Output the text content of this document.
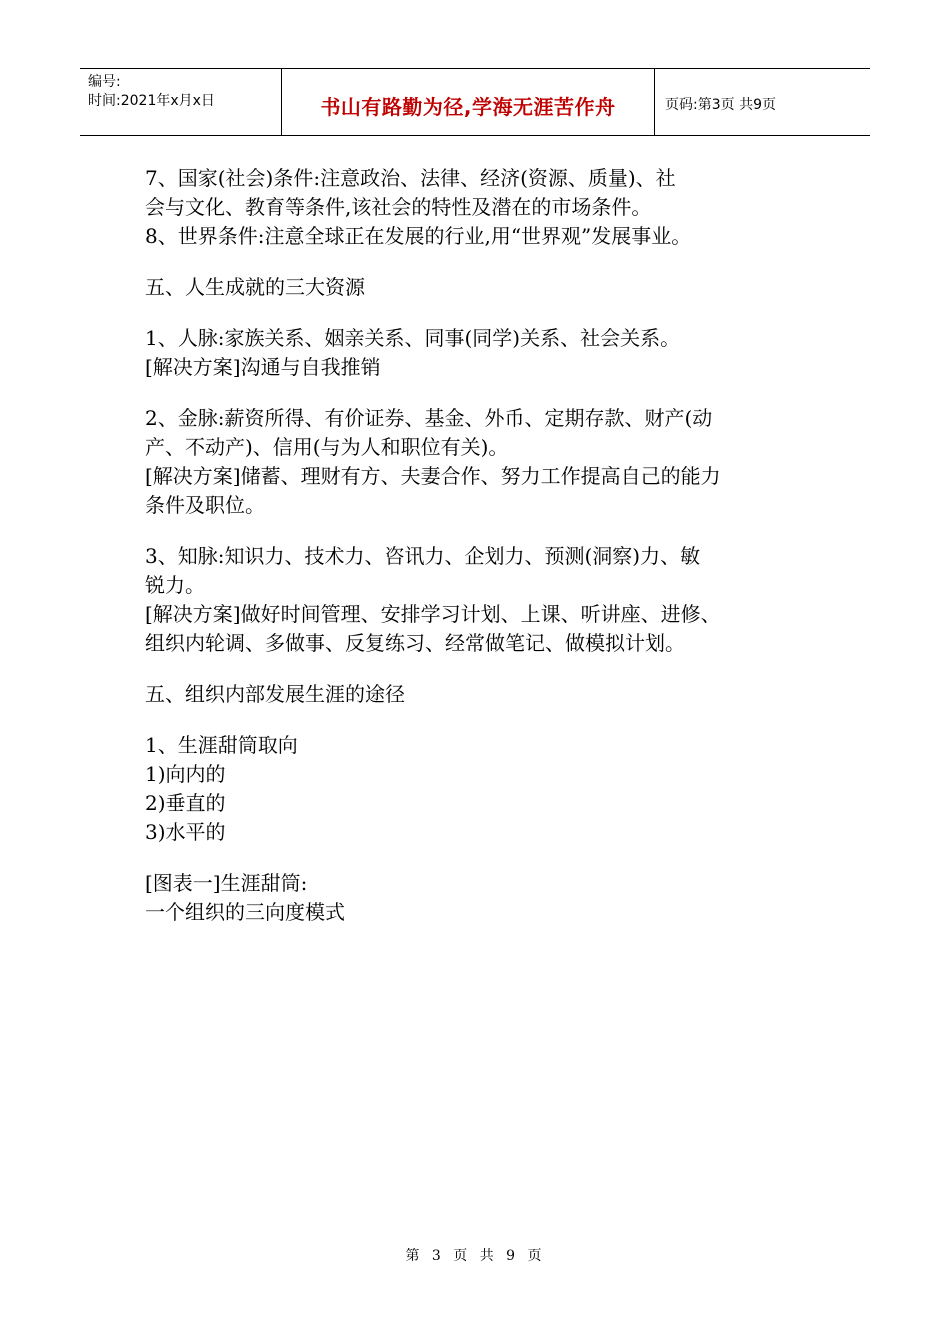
编号:
时间:2021年x月x日	书山有路勤为径,学海无涯苦作舟	页码:第3页 共9页

7、国家(社会)条件:注意政治、法律、经济(资源、质量)、社

会与文化、教育等条件,该社会的特性及潜在的市场条件。

8、世界条件:注意全球正在发展的行业,用“世界观”发展事业。

五、人生成就的三大资源

1、人脉:家族关系、姻亲关系、同事(同学)关系、社会关系。

[解决方案]沟通与自我推销

2、金脉:薪资所得、有价证券、基金、外币、定期存款、财产(动

产、不动产)、信用(与为人和职位有关)。

[解决方案]储蓄、理财有方、夫妻合作、努力工作提高自己的能力

条件及职位。

3、知脉:知识力、技术力、咨讯力、企划力、预测(洞察)力、敏

锐力。

[解决方案]做好时间管理、安排学习计划、上课、听讲座、进修、

组织内轮调、多做事、反复练习、经常做笔记、做模拟计划。

五、组织内部发展生涯的途径

1、生涯甜筒取向

1)向内的

2)垂直的

3)水平的

[图表一]生涯甜筒:

一个组织的三向度模式

第 3 页 共 9 页
